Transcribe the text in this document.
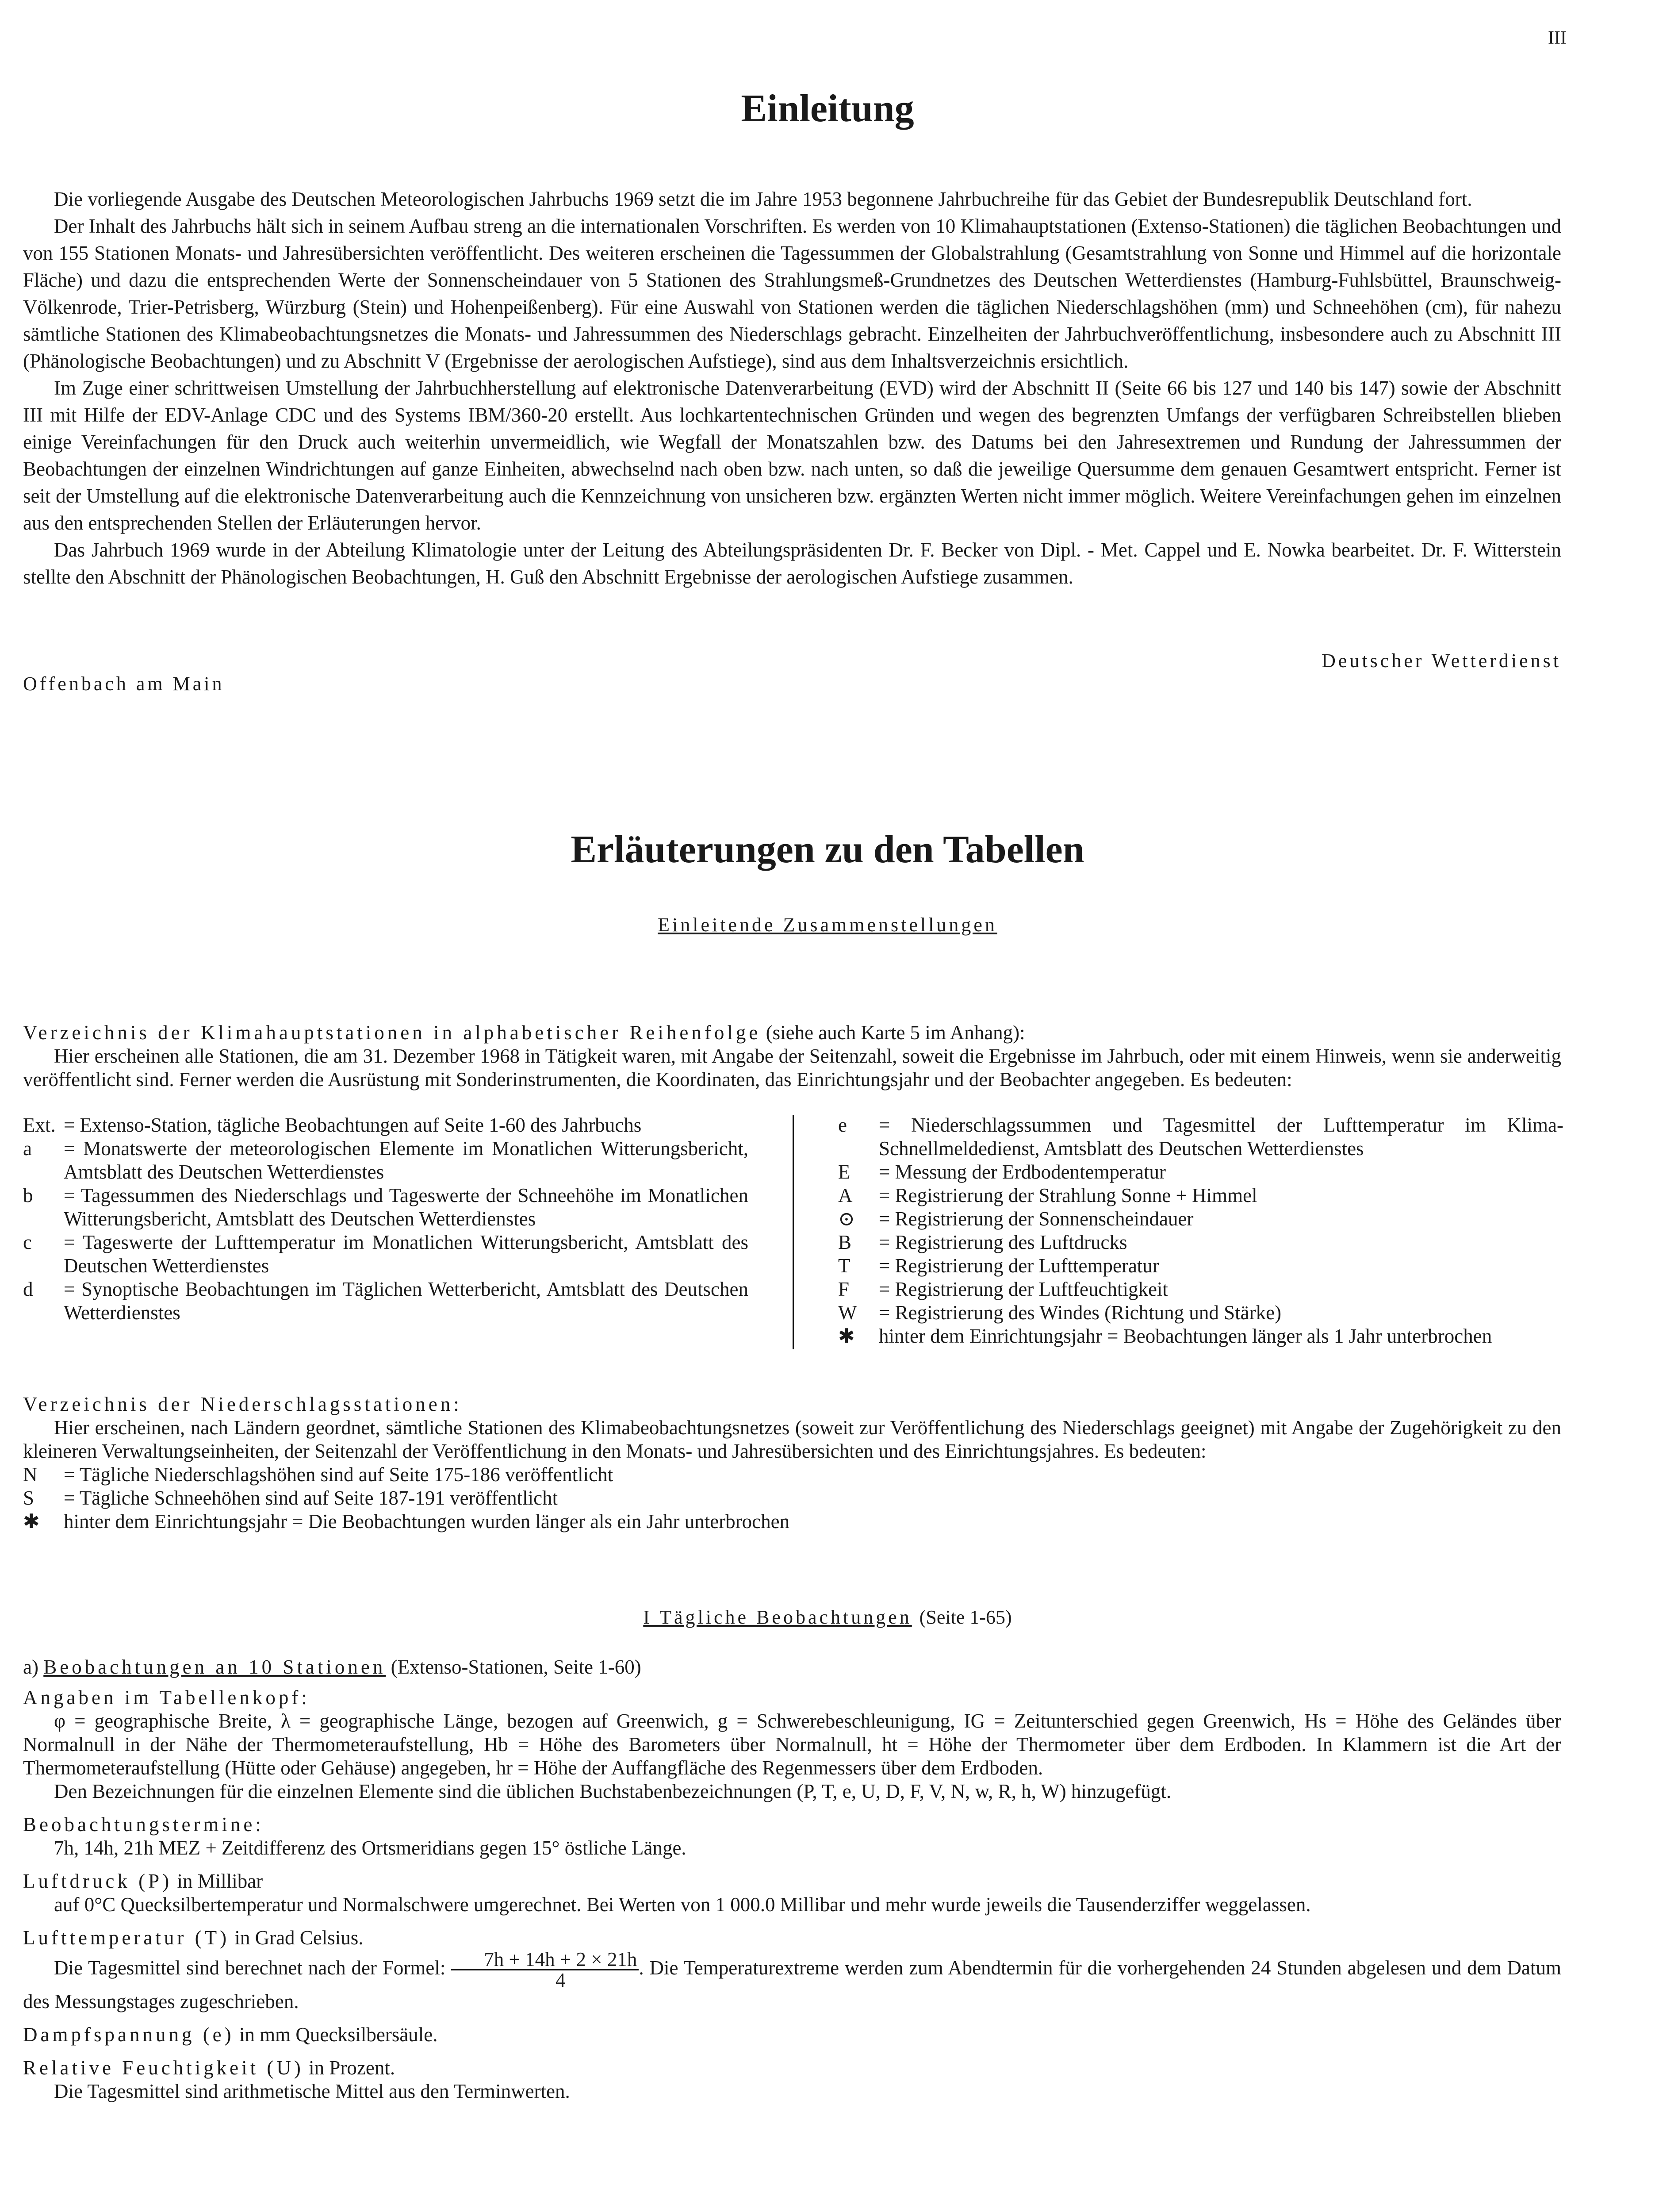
III
Einleitung

Die vorliegende Ausgabe des Deutschen Meteorologischen Jahrbuchs 1969 setzt die im Jahre 1953 begonnene Jahrbuchreihe für das Gebiet der Bundesrepublik Deutschland fort.

Der Inhalt des Jahrbuchs hält sich in seinem Aufbau streng an die internationalen Vorschriften. Es werden von 10 Klimahauptstationen (Extenso-Stationen) die täglichen Beobachtungen und von 155 Stationen Monats- und Jahresübersichten veröffentlicht. Des weiteren erscheinen die Tagessummen der Globalstrahlung (Gesamtstrahlung von Sonne und Himmel auf die horizontale Fläche) und dazu die entsprechenden Werte der Sonnenscheindauer von 5 Stationen des Strahlungsmeß-Grundnetzes des Deutschen Wetterdienstes (Hamburg-Fuhlsbüttel, Braunschweig-Völkenrode, Trier-Petrisberg, Würzburg (Stein) und Hohenpeißenberg). Für eine Auswahl von Stationen werden die täglichen Niederschlagshöhen (mm) und Schneehöhen (cm), für nahezu sämtliche Stationen des Klimabeobachtungsnetzes die Monats- und Jahressummen des Niederschlags gebracht. Einzelheiten der Jahrbuchveröffentlichung, insbesondere auch zu Abschnitt III (Phänologische Beobachtungen) und zu Abschnitt V (Ergebnisse der aerologischen Aufstiege), sind aus dem Inhaltsverzeichnis ersichtlich.

Im Zuge einer schrittweisen Umstellung der Jahrbuchherstellung auf elektronische Datenverarbeitung (EVD) wird der Abschnitt II (Seite 66 bis 127 und 140 bis 147) sowie der Abschnitt III mit Hilfe der EDV-Anlage CDC und des Systems IBM/360-20 erstellt. Aus lochkartentechnischen Gründen und wegen des begrenzten Umfangs der verfügbaren Schreibstellen blieben einige Vereinfachungen für den Druck auch weiterhin unvermeidlich, wie Wegfall der Monatszahlen bzw. des Datums bei den Jahresextremen und Rundung der Jahressummen der Beobachtungen der einzelnen Windrichtungen auf ganze Einheiten, abwechselnd nach oben bzw. nach unten, so daß die jeweilige Quersumme dem genauen Gesamtwert entspricht. Ferner ist seit der Umstellung auf die elektronische Datenverarbeitung auch die Kennzeichnung von unsicheren bzw. ergänzten Werten nicht immer möglich. Weitere Vereinfachungen gehen im einzelnen aus den entsprechenden Stellen der Erläuterungen hervor.

Das Jahrbuch 1969 wurde in der Abteilung Klimatologie unter der Leitung des Abteilungspräsidenten Dr. F. Becker von Dipl. - Met. Cappel und E. Nowka bearbeitet. Dr. F. Witterstein stellte den Abschnitt der Phänologischen Beobachtungen, H. Guß den Abschnitt Ergebnisse der aerologischen Aufstiege zusammen.

Offenbach am Main
Deutscher Wetterdienst
Erläuterungen zu den Tabellen
Einleitende Zusammenstellungen

Verzeichnis der Klimahauptstationen in alphabetischer Reihenfolge (siehe auch Karte 5 im Anhang):

Hier erscheinen alle Stationen, die am 31. Dezember 1968 in Tätigkeit waren, mit Angabe der Seitenzahl, soweit die Ergebnisse im Jahrbuch, oder mit einem Hinweis, wenn sie anderweitig veröffentlicht sind. Ferner werden die Ausrüstung mit Sonderinstrumenten, die Koordinaten, das Einrichtungsjahr und der Beobachter angegeben. Es bedeuten:

Ext. = Extenso-Station, tägliche Beobachtungen auf Seite 1-60 des Jahrbuchs
a	= Monatswerte der meteorologischen Elemente im Monatlichen Witterungsbericht, Amtsblatt des Deutschen Wetterdienstes
b	= Tagessummen des Niederschlags und Tageswerte der Schneehöhe im Monatlichen Witterungsbericht, Amtsblatt des Deutschen Wetterdienstes
c	= Tageswerte der Lufttemperatur im Monatlichen Witterungsbericht, Amtsblatt des Deutschen Wetterdienstes
d	= Synoptische Beobachtungen im Täglichen Wetterbericht, Amtsblatt des Deutschen Wetterdienstes
e	= Niederschlagssummen und Tagesmittel der Lufttemperatur im Klima-Schnellmeldedienst, Amtsblatt des Deutschen Wetterdienstes
E	= Messung der Erdbodentemperatur
A	= Registrierung der Strahlung Sonne + Himmel
⊙	= Registrierung der Sonnenscheindauer
B	= Registrierung des Luftdrucks
T	= Registrierung der Lufttemperatur
F	= Registrierung der Luftfeuchtigkeit
W	= Registrierung des Windes (Richtung und Stärke)
✱	hinter dem Einrichtungsjahr = Beobachtungen länger als 1 Jahr unterbrochen

Verzeichnis der Niederschlagsstationen:

Hier erscheinen, nach Ländern geordnet, sämtliche Stationen des Klimabeobachtungsnetzes (soweit zur Veröffentlichung des Niederschlags geeignet) mit Angabe der Zugehörigkeit zu den kleineren Verwaltungseinheiten, der Seitenzahl der Veröffentlichung in den Monats- und Jahresübersichten und des Einrichtungsjahres. Es bedeuten:

N	= Tägliche Niederschlagshöhen sind auf Seite 175-186 veröffentlicht
S	= Tägliche Schneehöhen sind auf Seite 187-191 veröffentlicht
✱	hinter dem Einrichtungsjahr = Die Beobachtungen wurden länger als ein Jahr unterbrochen
I Tägliche Beobachtungen (Seite 1-65)

a) Beobachtungen an 10 Stationen (Extenso-Stationen, Seite 1-60)

Angaben im Tabellenkopf:

φ = geographische Breite, λ = geographische Länge, bezogen auf Greenwich, g = Schwerebeschleunigung, IG = Zeitunterschied gegen Greenwich, Hs = Höhe des Geländes über Normalnull in der Nähe der Thermometeraufstellung, Hb = Höhe des Barometers über Normalnull, ht = Höhe der Thermometer über dem Erdboden. In Klammern ist die Art der Thermometeraufstellung (Hütte oder Gehäuse) angegeben, hr = Höhe der Auffangfläche des Regenmessers über dem Erdboden.

Den Bezeichnungen für die einzelnen Elemente sind die üblichen Buchstabenbezeichnungen (P, T, e, U, D, F, V, N, w, R, h, W) hinzugefügt.

Beobachtungstermine:

7h, 14h, 21h MEZ + Zeitdifferenz des Ortsmeridians gegen 15° östliche Länge.

Luftdruck (P) in Millibar

auf 0°C Quecksilbertemperatur und Normalschwere umgerechnet. Bei Werten von 1 000.0 Millibar und mehr wurde jeweils die Tausenderziffer weggelassen.

Lufttemperatur (T) in Grad Celsius.

Die Tagesmittel sind berechnet nach der Formel: $\frac{7h + 14h + 2 \times 21h}{4}$ . Die Temperaturextreme werden zum Abendtermin für die vorhergehenden 24 Stunden abgelesen und dem Datum des Messungstages zugeschrieben.

Dampfspannung (e) in mm Quecksilbersäule.

Relative Feuchtigkeit (U) in Prozent.

Die Tagesmittel sind arithmetische Mittel aus den Terminwerten.
